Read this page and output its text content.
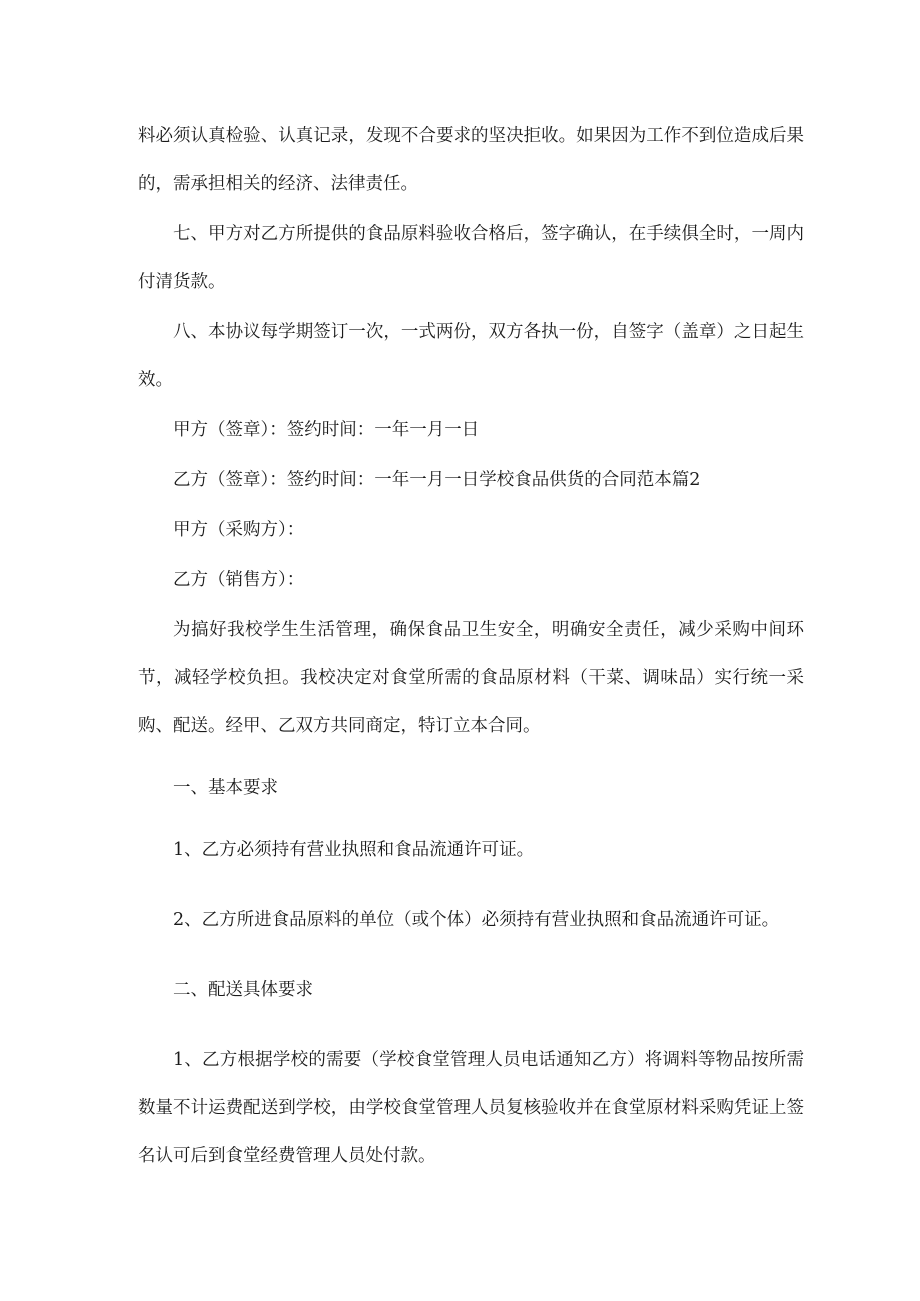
料必须认真检验、认真记录，发现不合要求的坚决拒收。如果因为工作不到位造成后果的，需承担相关的经济、法律责任。

七、甲方对乙方所提供的食品原料验收合格后，签字确认，在手续俱全时，一周内付清货款。

八、本协议每学期签订一次，一式两份，双方各执一份，自签字（盖章）之日起生效。

甲方（签章）：签约时间：一年一月一日

乙方（签章）：签约时间：一年一月一日学校食品供货的合同范本篇2

甲方（采购方）：

乙方（销售方）：

为搞好我校学生生活管理，确保食品卫生安全，明确安全责任，减少采购中间环节，减轻学校负担。我校决定对食堂所需的食品原材料（干菜、调味品）实行统一采购、配送。经甲、乙双方共同商定，特订立本合同。

一、基本要求

1、乙方必须持有营业执照和食品流通许可证。

2、乙方所进食品原料的单位（或个体）必须持有营业执照和食品流通许可证。

二、配送具体要求

1、乙方根据学校的需要（学校食堂管理人员电话通知乙方）将调料等物品按所需数量不计运费配送到学校，由学校食堂管理人员复核验收并在食堂原材料采购凭证上签名认可后到食堂经费管理人员处付款。
